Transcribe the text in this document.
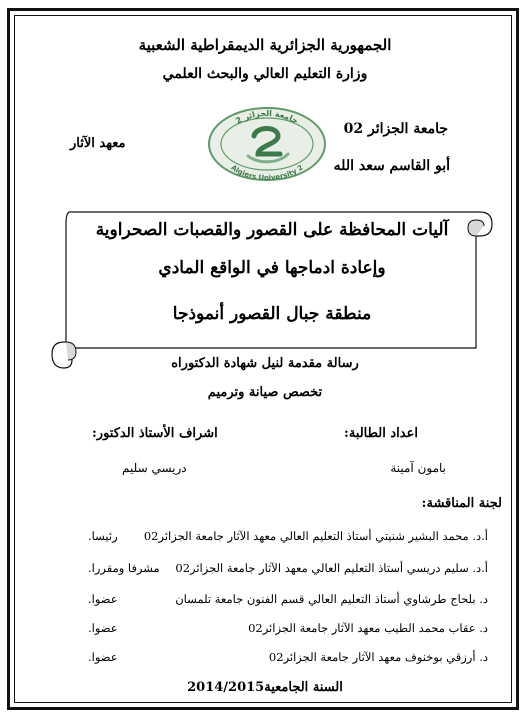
الجمهورية الجزائرية الديمقراطية الشعبية
وزارة التعليم العالي والبحث العلمي
جامعة الجزائر 02
أبو القاسم سعد الله
معهد الآثار
جامعة الجزائر 2
Algiers University 2
آليات المحافظة على القصور والقصبات الصحراوية
وإعادة ادماجها في الواقع المادي
منطقة جبال القصور أنموذجا
رسالة مقدمة لنيل شهادة الدكتوراه
تخصص صيانة وترميم
اعداد الطالبة:
بامون آمينة
اشراف الأستاذ الدكتور:
دريسي سليم
لجنة المناقشة:
أ.د. محمد البشير شنيتي أستاذ التعليم العالي معهد الآثار جامعة الجزائر02
رئيسا.
أ.د. سليم دريسي أستاذ التعليم العالي معهد الآثار جامعة الجزائر02
مشرفا ومقررا.
د. بلحاج طرشاوي أستاذ التعليم العالي قسم الفنون جامعة تلمسان
عضوا.
د. عقاب محمد الطيب معهد الآثار جامعة الجزائر02
عضوا.
د. أرزقي بوخنوف معهد الآثار جامعة الجزائر02
عضوا.
السنة الجامعية2014/2015
